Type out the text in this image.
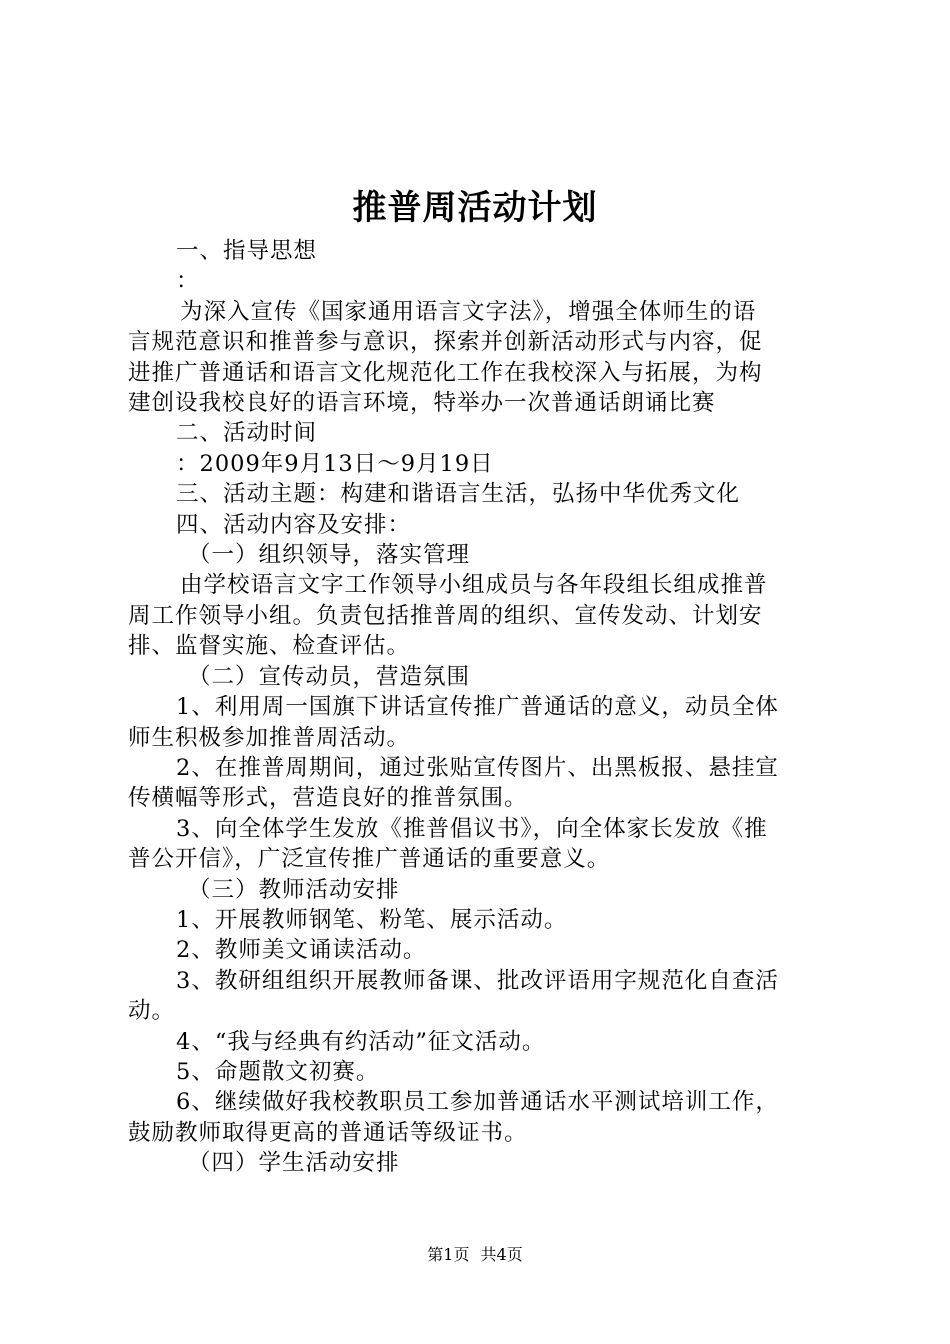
推普周活动计划
一、指导思想
：
为深入宣传《国家通用语言文字法》，增强全体师生的语
言规范意识和推普参与意识，探索并创新活动形式与内容，促
进推广普通话和语言文化规范化工作在我校深入与拓展，为构
建创设我校良好的语言环境，特举办一次普通话朗诵比赛
二、活动时间
：2009年9月13日～9月19日
三、活动主题：构建和谐语言生活，弘扬中华优秀文化
四、活动内容及安排：
（一）组织领导，落实管理
由学校语言文字工作领导小组成员与各年段组长组成推普
周工作领导小组。负责包括推普周的组织、宣传发动、计划安
排、监督实施、检查评估。
（二）宣传动员，营造氛围
1、利用周一国旗下讲话宣传推广普通话的意义，动员全体
师生积极参加推普周活动。
2、在推普周期间，通过张贴宣传图片、出黑板报、悬挂宣
传横幅等形式，营造良好的推普氛围。
3、向全体学生发放《推普倡议书》，向全体家长发放《推
普公开信》，广泛宣传推广普通话的重要意义。
（三）教师活动安排
1、开展教师钢笔、粉笔、展示活动。
2、教师美文诵读活动。
3、教研组组织开展教师备课、批改评语用字规范化自查活
动。
4、“我与经典有约活动”征文活动。
5、命题散文初赛。
6、继续做好我校教职员工参加普通话水平测试培训工作，
鼓励教师取得更高的普通话等级证书。
（四）学生活动安排
第1页 共4页
